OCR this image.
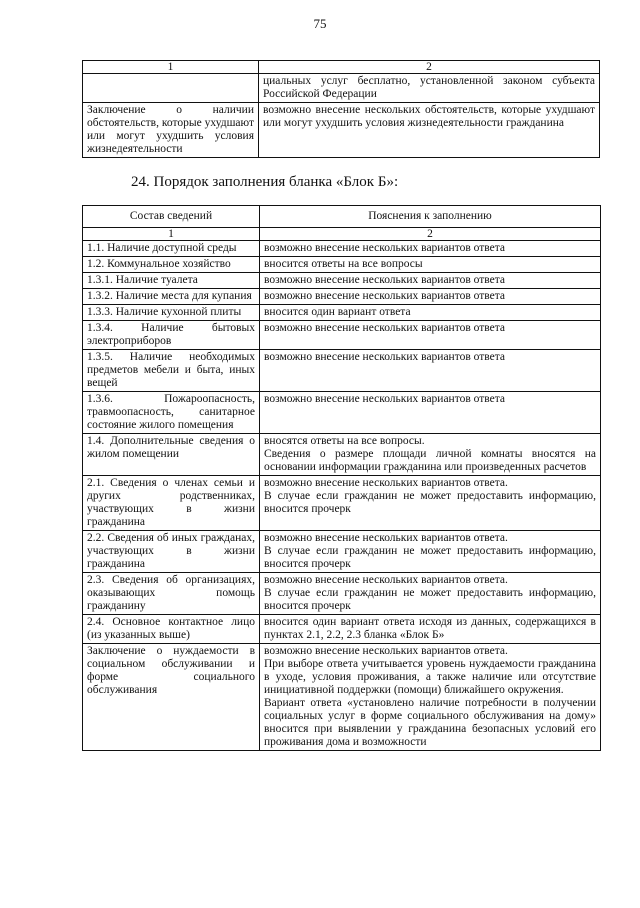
75
1	2
	циальных услуг бесплатно, установленной законом субъекта Российской Федерации
Заключение о наличии обстоятельств, которые ухудшают или могут ухудшить условия жизнедеятельности	возможно внесение нескольких обстоятельств, которые ухудшают или могут ухудшить условия жизнедеятельности гражданина
24. Порядок заполнения бланка «Блок Б»:
Состав сведений	Пояснения к заполнению
1	2
1.1. Наличие доступной среды	возможно внесение нескольких вариантов ответа

1.2. Коммунальное хозяйство	вносится ответы на все вопросы

1.3.1. Наличие туалета	возможно внесение нескольких вариантов ответа

1.3.2. Наличие места для купания	возможно внесение нескольких вариантов ответа

1.3.3. Наличие кухонной плиты	вносится один вариант ответа

1.3.4. Наличие бытовых электроприборов	возможно внесение нескольких вариантов ответа

1.3.5. Наличие необходимых предметов мебели и быта, иных вещей	возможно внесение нескольких вариантов ответа

1.3.6. Пожароопасность, травмоопасность, санитарное состояние жилого помещения	возможно внесение нескольких вариантов ответа

1.4. Дополнительные сведения о жилом помещении	вносятся ответы на все вопросы.
Сведения о размере площади личной комнаты вносятся на основании информации гражданина или произведенных расчетов

2.1. Сведения о членах семьи и других родственниках, участвующих в жизни гражданина	возможно внесение нескольких вариантов ответа.
В случае если гражданин не может предоставить информацию, вносится прочерк

2.2. Сведения об иных гражданах, участвующих в жизни гражданина	возможно внесение нескольких вариантов ответа.
В случае если гражданин не может предоставить информацию, вносится прочерк

2.3. Сведения об организациях, оказывающих помощь гражданину	возможно внесение нескольких вариантов ответа.
В случае если гражданин не может предоставить информацию, вносится прочерк

2.4. Основное контактное лицо (из указанных выше)	вносится один вариант ответа исходя из данных, содержащихся в пунктах 2.1, 2.2, 2.3 бланка «Блок Б»

Заключение о нуждаемости в социальном обслуживании и форме социального обслуживания	возможно внесение нескольких вариантов ответа.
При выборе ответа учитывается уровень нуждаемости гражданина в уходе, условия проживания, а также наличие или отсутствие инициативной поддержки (помощи) ближайшего окружения.
Вариант ответа «установлено наличие потребности в получении социальных услуг в форме социального обслуживания на дому» вносится при выявлении у гражданина безопасных условий его проживания дома и возможности
